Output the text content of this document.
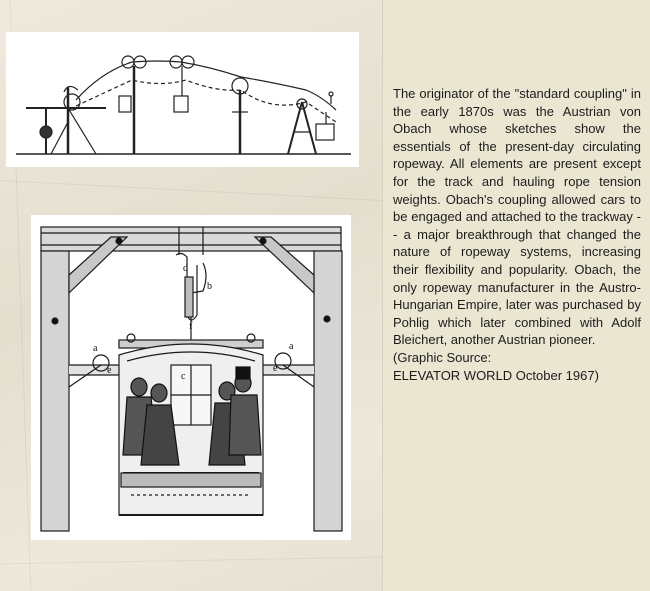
a	a
b
c
d
e	e
f

The originator of the "standard coupling" in the early 1870s was the Austrian von Obach whose sketches show the essentials of the present-day circulating ropeway. All elements are present except for the track and hauling rope tension weights. Obach's coupling allowed cars to be engaged and attached to the trackway -- a major breakthrough that changed the nature of ropeway systems, increasing their flexibility and popularity. Obach, the only ropeway manufacturer in the Austro-Hungarian Empire, later was purchased by Pohlig which later combined with Adolf Bleichert, another Austrian pioneer.

(Graphic Source:

ELEVATOR WORLD October 1967)
